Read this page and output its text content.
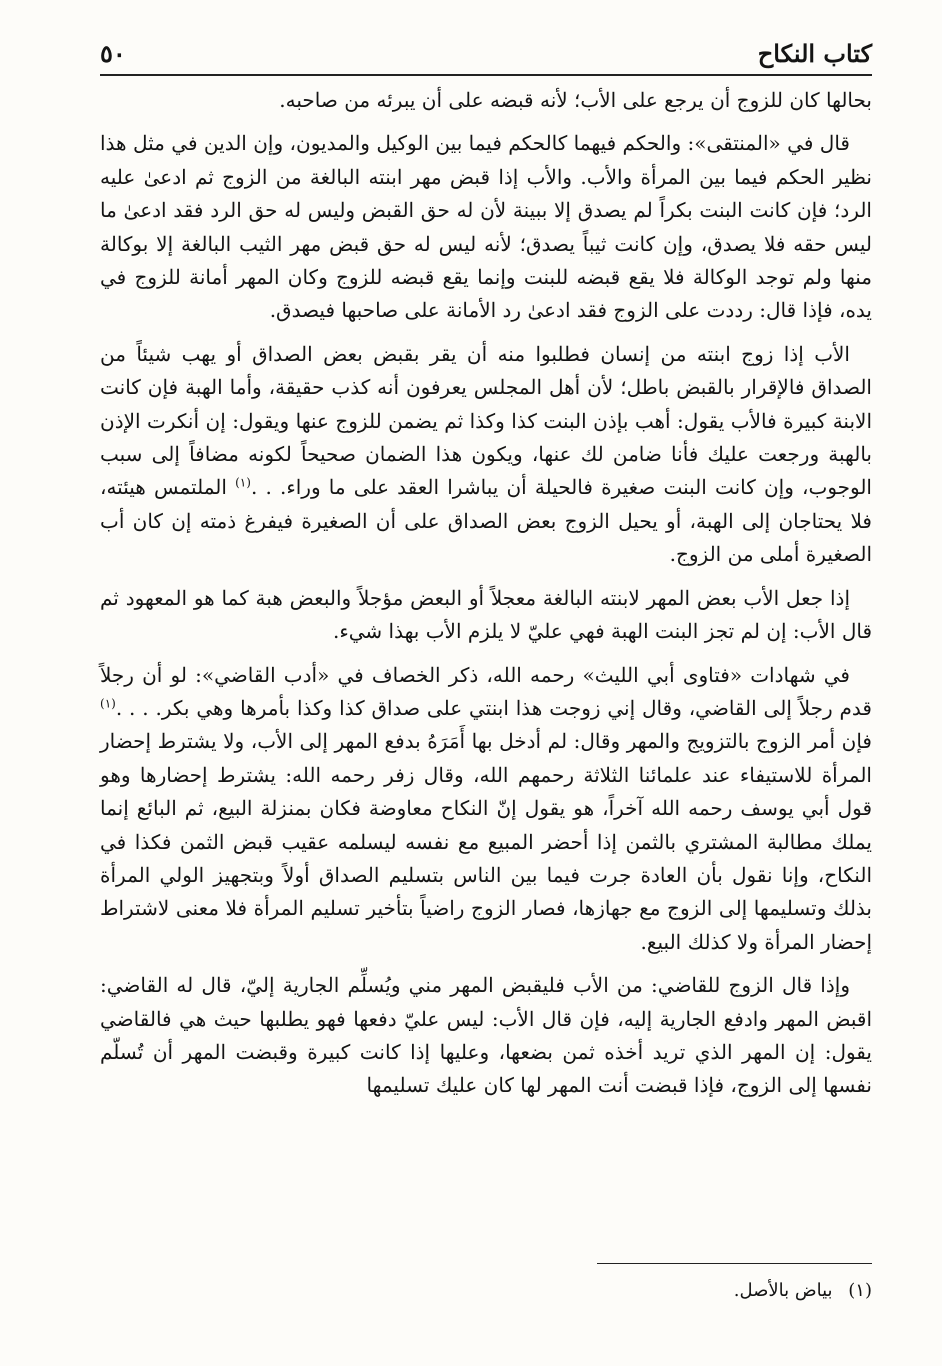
كتاب النكاح
٥٠

بحالها كان للزوج أن يرجع على الأب؛ لأنه قبضه على أن يبرئه من صاحبه.

قال في «المنتقى»: والحكم فيهما كالحكم فيما بين الوكيل والمديون، وإن الدين في مثل هذا نظير الحكم فيما بين المرأة والأب. والأب إذا قبض مهر ابنته البالغة من الزوج ثم ادعىٰ عليه الرد؛ فإن كانت البنت بكراً لم يصدق إلا ببينة لأن له حق القبض وليس له حق الرد فقد ادعىٰ ما ليس حقه فلا يصدق، وإن كانت ثيباً يصدق؛ لأنه ليس له حق قبض مهر الثيب البالغة إلا بوكالة منها ولم توجد الوكالة فلا يقع قبضه للبنت وإنما يقع قبضه للزوج وكان المهر أمانة للزوج في يده، فإذا قال: رددت على الزوج فقد ادعىٰ رد الأمانة على صاحبها فيصدق.

الأب إذا زوج ابنته من إنسان فطلبوا منه أن يقر بقبض بعض الصداق أو يهب شيئاً من الصداق فالإقرار بالقبض باطل؛ لأن أهل المجلس يعرفون أنه كذب حقيقة، وأما الهبة فإن كانت الابنة كبيرة فالأب يقول: أهب بإذن البنت كذا وكذا ثم يضمن للزوج عنها ويقول: إن أنكرت الإذن بالهبة ورجعت عليك فأنا ضامن لك عنها، ويكون هذا الضمان صحيحاً لكونه مضافاً إلى سبب الوجوب، وإن كانت البنت صغيرة فالحيلة أن يباشرا العقد على ما وراء. . .$^{(١)}$ الملتمس هيئته، فلا يحتاجان إلى الهبة، أو يحيل الزوج بعض الصداق على أن الصغيرة فيفرغ ذمته إن كان أب الصغيرة أملى من الزوج.

إذا جعل الأب بعض المهر لابنته البالغة معجلاً أو البعض مؤجلاً والبعض هبة كما هو المعهود ثم قال الأب: إن لم تجز البنت الهبة فهي عليّ لا يلزم الأب بهذا شيء.

في شهادات «فتاوى أبي الليث» رحمه الله، ذكر الخصاف في «أدب القاضي»: لو أن رجلاً قدم رجلاً إلى القاضي، وقال إني زوجت هذا ابنتي على صداق كذا وكذا بأمرها وهي بكر. . . .$^{(١)}$ فإن أمر الزوج بالتزويج والمهر وقال: لم أدخل بها أَمَرَهُ بدفع المهر إلى الأب، ولا يشترط إحضار المرأة للاستيفاء عند علمائنا الثلاثة رحمهم الله، وقال زفر رحمه الله: يشترط إحضارها وهو قول أبي يوسف رحمه الله آخراً، هو يقول إنّ النكاح معاوضة فكان بمنزلة البيع، ثم البائع إنما يملك مطالبة المشتري بالثمن إذا أحضر المبيع مع نفسه ليسلمه عقيب قبض الثمن فكذا في النكاح، وإنا نقول بأن العادة جرت فيما بين الناس بتسليم الصداق أولاً وبتجهيز الولي المرأة بذلك وتسليمها إلى الزوج مع جهازها، فصار الزوج راضياً بتأخير تسليم المرأة فلا معنى لاشتراط إحضار المرأة ولا كذلك البيع.

وإذا قال الزوج للقاضي: من الأب فليقبض المهر مني ويُسلِّم الجارية إليّ، قال له القاضي: اقبض المهر وادفع الجارية إليه، فإن قال الأب: ليس عليّ دفعها فهو يطلبها حيث هي فالقاضي يقول: إن المهر الذي تريد أخذه ثمن بضعها، وعليها إذا كانت كبيرة وقبضت المهر أن تُسلّم نفسها إلى الزوج، فإذا قبضت أنت المهر لها كان عليك تسليمها

(١) بياض بالأصل.
